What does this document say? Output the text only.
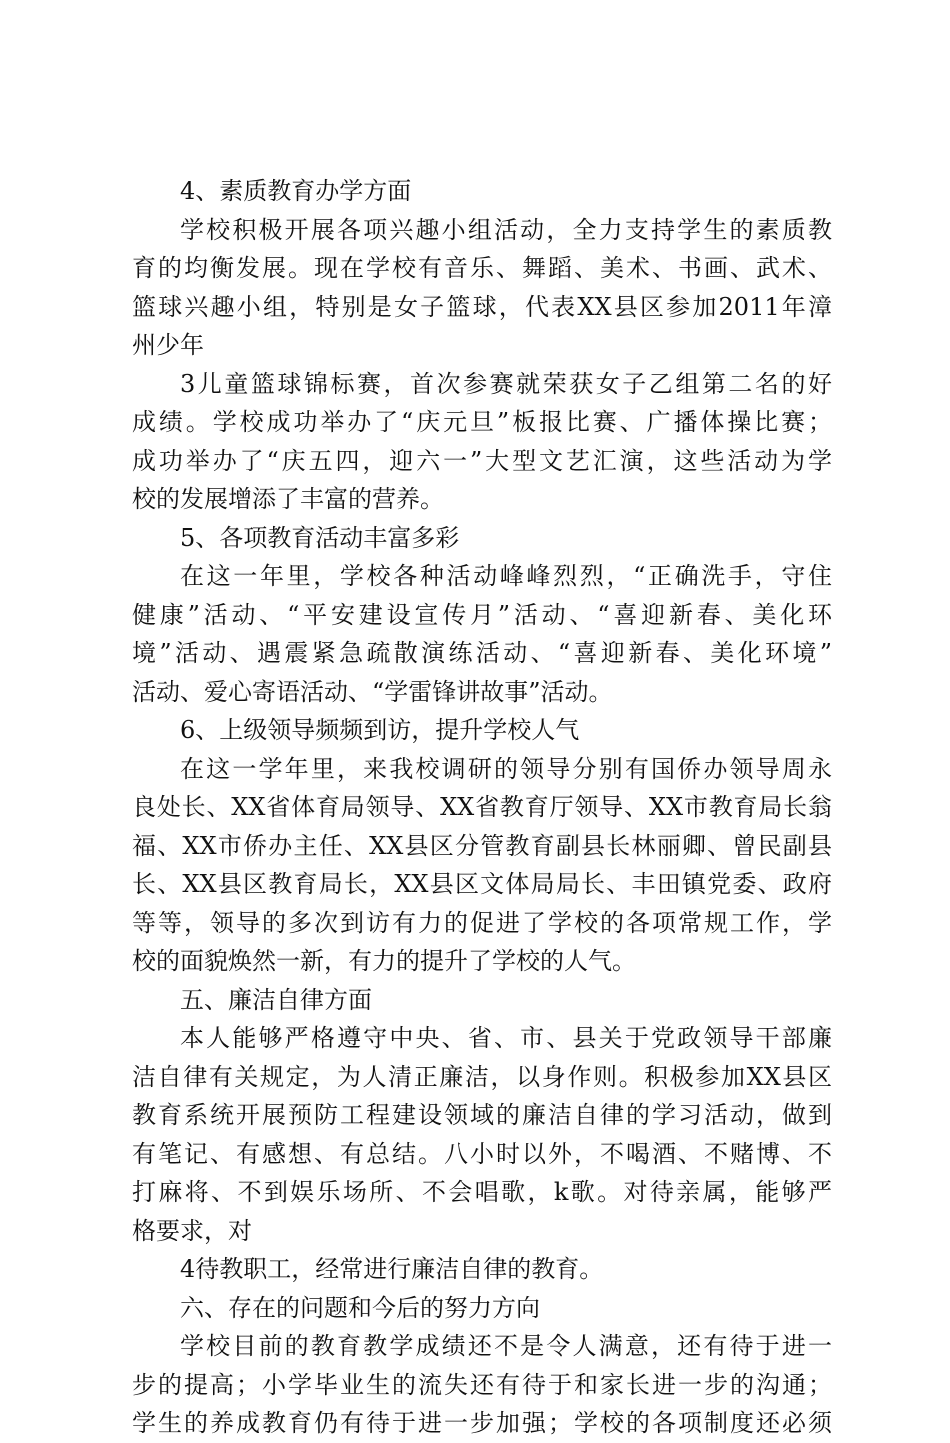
4、素质教育办学方面
学校积极开展各项兴趣小组活动，全力支持学生的素质教
育的均衡发展。现在学校有音乐、舞蹈、美术、书画、武术、
篮球兴趣小组，特别是女子篮球，代表XX县区参加2011年漳
州少年
3儿童篮球锦标赛，首次参赛就荣获女子乙组第二名的好
成绩。学校成功举办了“庆元旦”板报比赛、广播体操比赛；
成功举办了“庆五四，迎六一”大型文艺汇演，这些活动为学
校的发展增添了丰富的营养。
5、各项教育活动丰富多彩
在这一年里，学校各种活动峰峰烈烈，“正确洗手，守住
健康”活动、“平安建设宣传月”活动、“喜迎新春、美化环
境”活动、遇震紧急疏散演练活动、“喜迎新春、美化环境”
活动、爱心寄语活动、“学雷锋讲故事”活动。
6、上级领导频频到访，提升学校人气
在这一学年里，来我校调研的领导分别有国侨办领导周永
良处长、XX省体育局领导、XX省教育厅领导、XX市教育局长翁
福、XX市侨办主任、XX县区分管教育副县长林丽卿、曾民副县
长、XX县区教育局长，XX县区文体局局长、丰田镇党委、政府
等等，领导的多次到访有力的促进了学校的各项常规工作，学
校的面貌焕然一新，有力的提升了学校的人气。
五、廉洁自律方面
本人能够严格遵守中央、省、市、县关于党政领导干部廉
洁自律有关规定，为人清正廉洁，以身作则。积极参加XX县区
教育系统开展预防工程建设领域的廉洁自律的学习活动，做到
有笔记、有感想、有总结。八小时以外，不喝酒、不赌博、不
打麻将、不到娱乐场所、不会唱歌，k歌。对待亲属，能够严
格要求，对
4待教职工，经常进行廉洁自律的教育。
六、存在的问题和今后的努力方向
学校目前的教育教学成绩还不是令人满意，还有待于进一
步的提高；小学毕业生的流失还有待于和家长进一步的沟通；
学生的养成教育仍有待于进一步加强；学校的各项制度还必须
